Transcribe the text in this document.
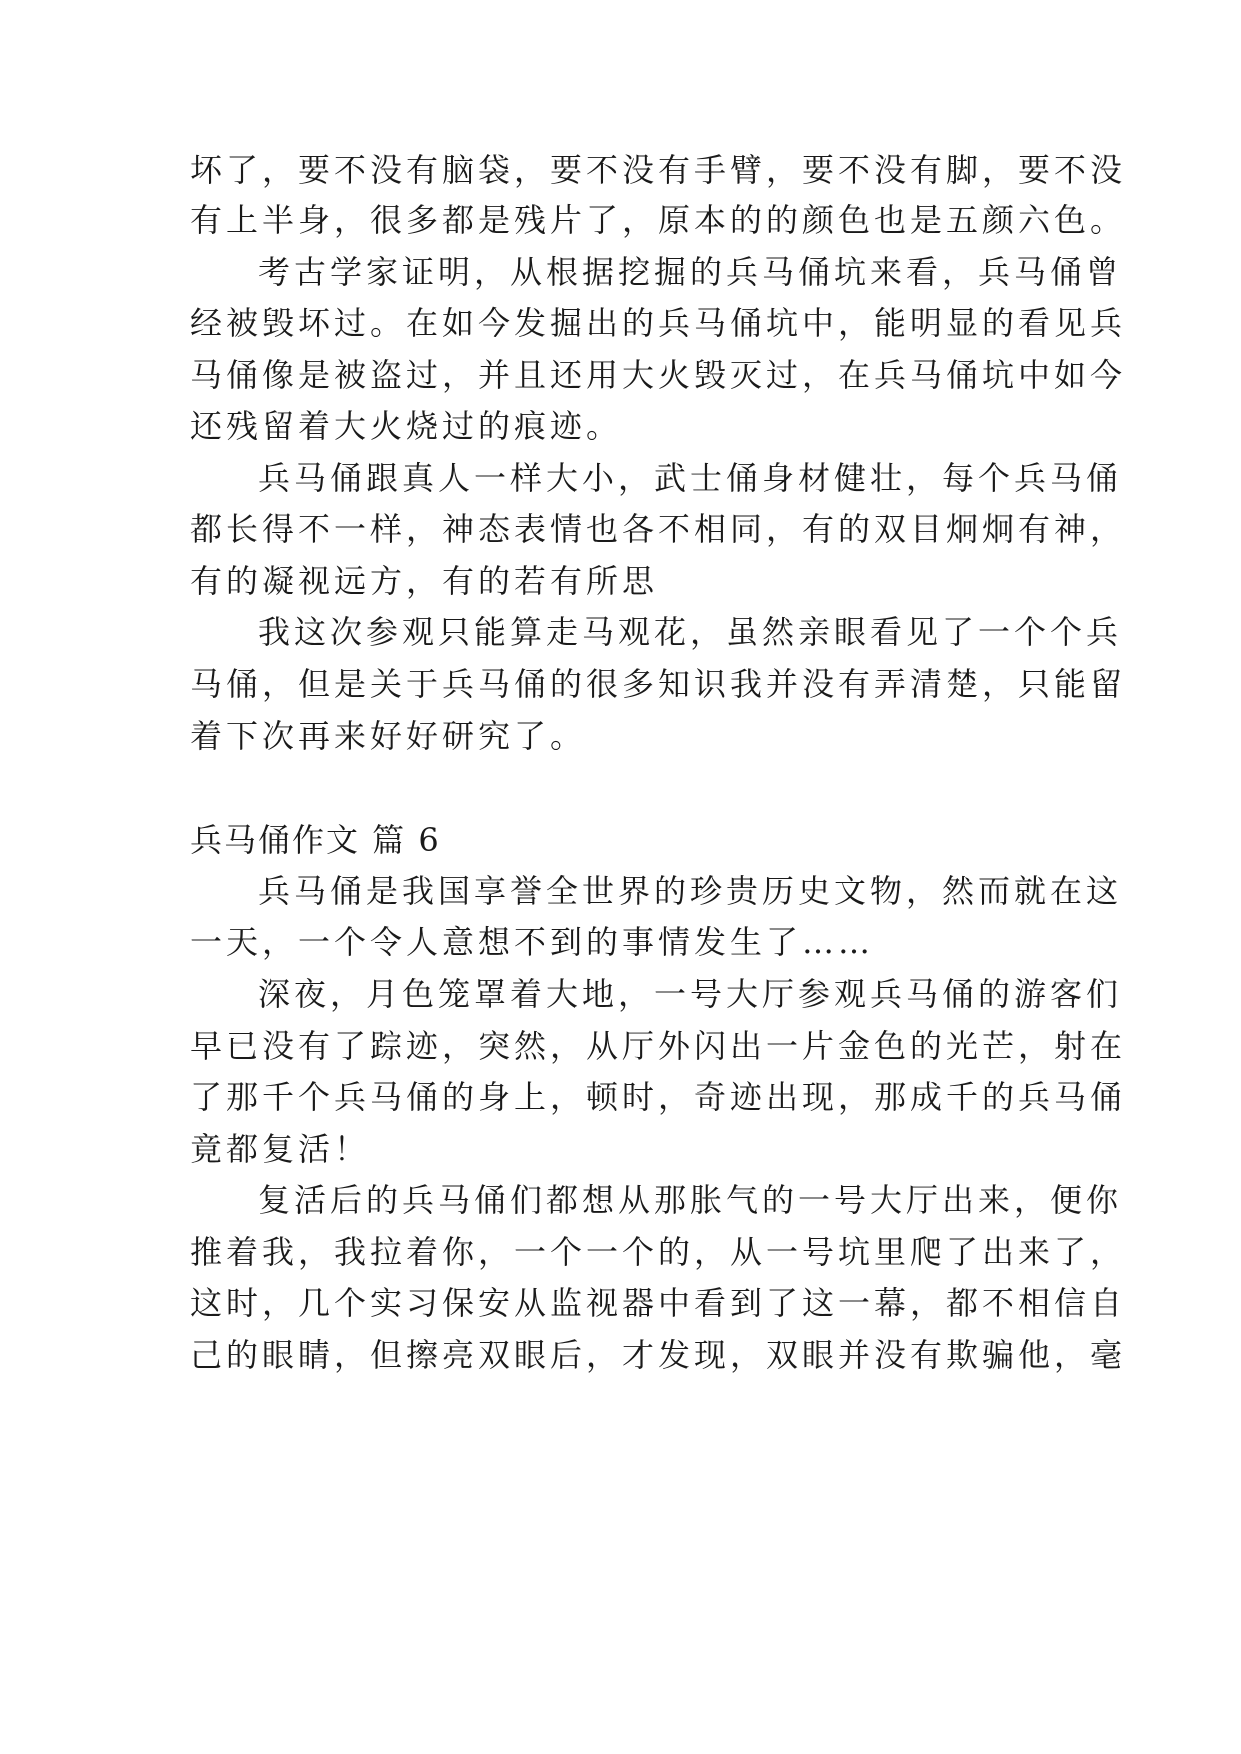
坏了，要不没有脑袋，要不没有手臂，要不没有脚，要不没
有上半身，很多都是残片了，原本的的颜色也是五颜六色。
考古学家证明，从根据挖掘的兵马俑坑来看，兵马俑曾
经被毁坏过。在如今发掘出的兵马俑坑中，能明显的看见兵
马俑像是被盗过，并且还用大火毁灭过，在兵马俑坑中如今
还残留着大火烧过的痕迹。
兵马俑跟真人一样大小，武士俑身材健壮，每个兵马俑
都长得不一样，神态表情也各不相同，有的双目炯炯有神，
有的凝视远方，有的若有所思
我这次参观只能算走马观花，虽然亲眼看见了一个个兵
马俑，但是关于兵马俑的很多知识我并没有弄清楚，只能留
着下次再来好好研究了。
兵马俑作文 篇 6
兵马俑是我国享誉全世界的珍贵历史文物，然而就在这
一天，一个令人意想不到的事情发生了……
深夜，月色笼罩着大地，一号大厅参观兵马俑的游客们
早已没有了踪迹，突然，从厅外闪出一片金色的光芒，射在
了那千个兵马俑的身上，顿时，奇迹出现，那成千的兵马俑
竟都复活！
复活后的兵马俑们都想从那胀气的一号大厅出来，便你
推着我，我拉着你，一个一个的，从一号坑里爬了出来了，
这时，几个实习保安从监视器中看到了这一幕，都不相信自
己的眼睛，但擦亮双眼后，才发现，双眼并没有欺骗他，毫
